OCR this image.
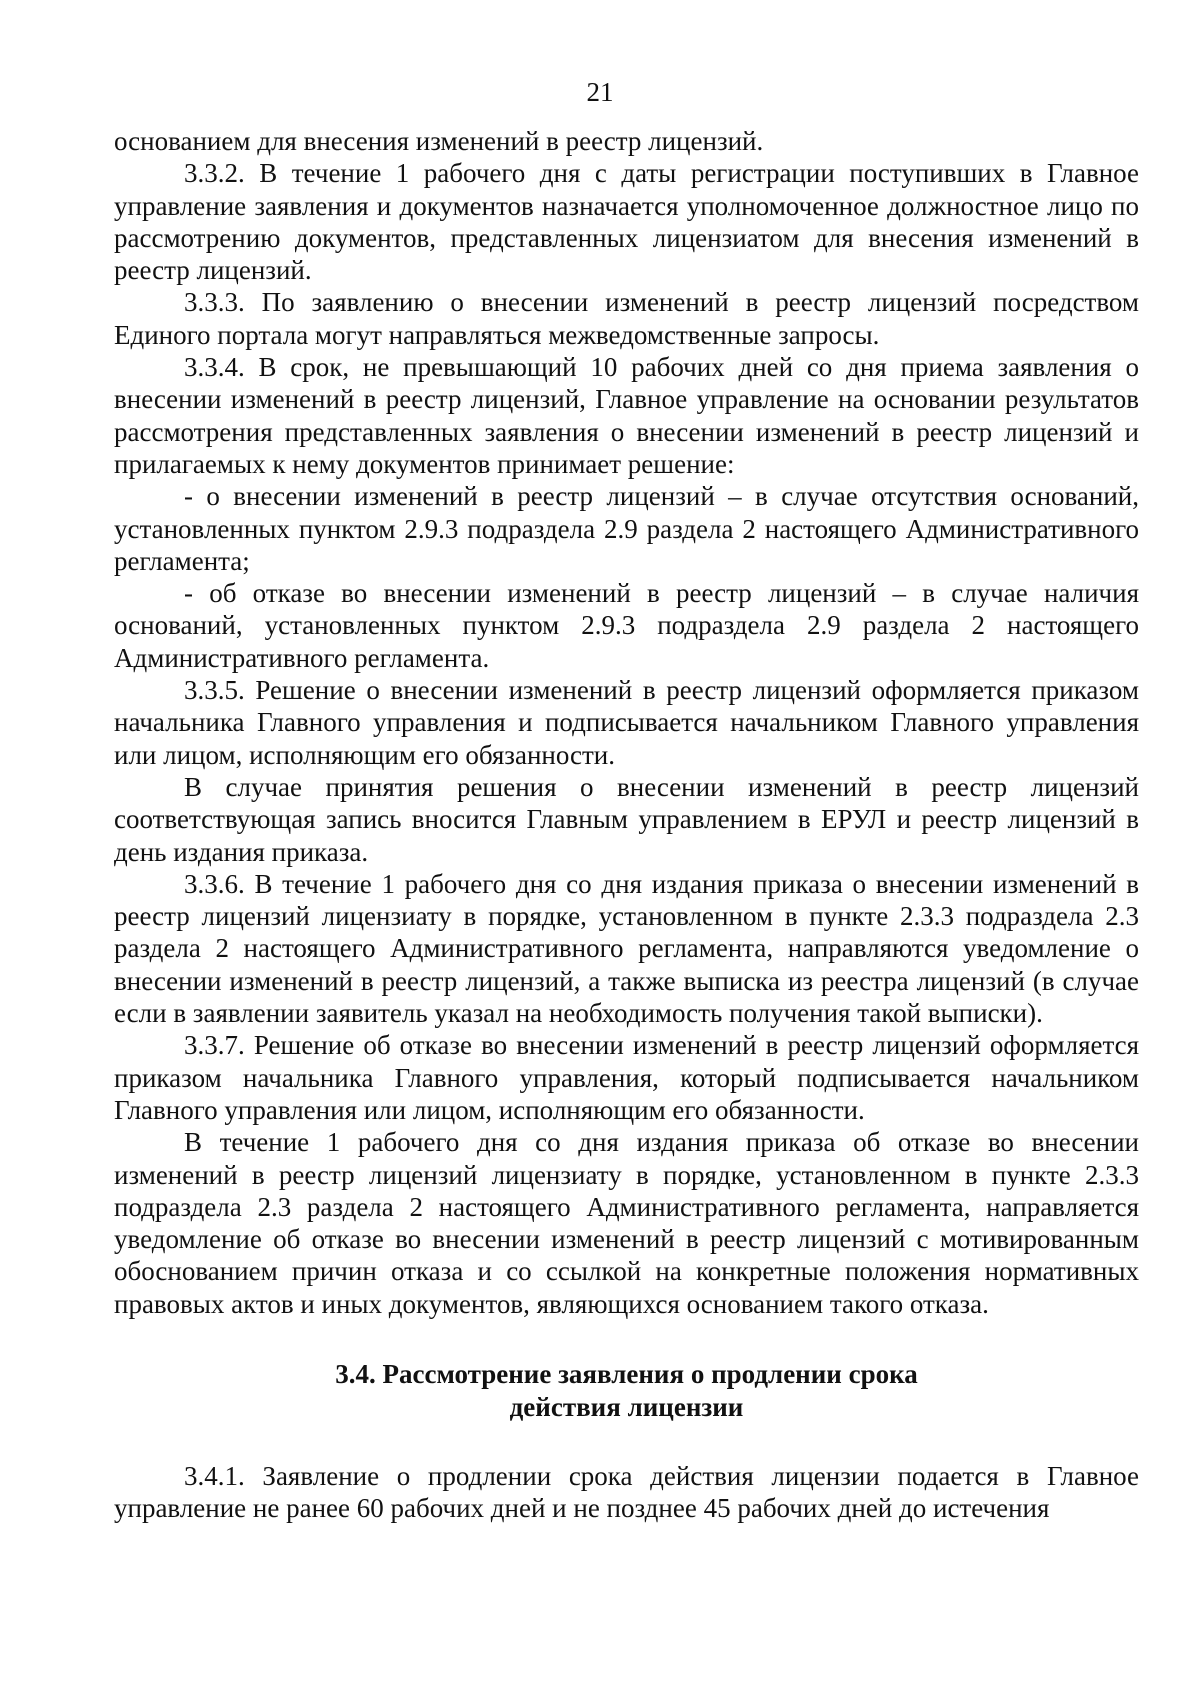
21

основанием для внесения изменений в реестр лицензий.

3.3.2. В течение 1 рабочего дня с даты регистрации поступивших в Главное управление заявления и документов назначается уполномоченное должностное лицо по рассмотрению документов, представленных лицензиатом для внесения изменений в реестр лицензий.

3.3.3. По заявлению о внесении изменений в реестр лицензий посредством Единого портала могут направляться межведомственные запросы.

3.3.4. В срок, не превышающий 10 рабочих дней со дня приема заявления о внесении изменений в реестр лицензий, Главное управление на основании результатов рассмотрения представленных заявления о внесении изменений в реестр лицензий и прилагаемых к нему документов принимает решение:

- о внесении изменений в реестр лицензий – в случае отсутствия оснований, установленных пунктом 2.9.3 подраздела 2.9 раздела 2 настоящего Административного регламента;

- об отказе во внесении изменений в реестр лицензий – в случае наличия оснований, установленных пунктом 2.9.3 подраздела 2.9 раздела 2 настоящего Административного регламента.

3.3.5. Решение о внесении изменений в реестр лицензий оформляется приказом начальника Главного управления и подписывается начальником Главного управления или лицом, исполняющим его обязанности.

В случае принятия решения о внесении изменений в реестр лицензий соответствующая запись вносится Главным управлением в ЕРУЛ и реестр лицензий в день издания приказа.

3.3.6. В течение 1 рабочего дня со дня издания приказа о внесении изменений в реестр лицензий лицензиату в порядке, установленном в пункте 2.3.3 подраздела 2.3 раздела 2 настоящего Административного регламента, направляются уведомление о внесении изменений в реестр лицензий, а также выписка из реестра лицензий (в случае если в заявлении заявитель указал на необходимость получения такой выписки).

3.3.7. Решение об отказе во внесении изменений в реестр лицензий оформляется приказом начальника Главного управления, который подписывается начальником Главного управления или лицом, исполняющим его обязанности.

В течение 1 рабочего дня со дня издания приказа об отказе во внесении изменений в реестр лицензий лицензиату в порядке, установленном в пункте 2.3.3 подраздела 2.3 раздела 2 настоящего Административного регламента, направляется уведомление об отказе во внесении изменений в реестр лицензий с мотивированным обоснованием причин отказа и со ссылкой на конкретные положения нормативных правовых актов и иных документов, являющихся основанием такого отказа.

3.4. Рассмотрение заявления о продлении срока
действия лицензии

3.4.1. Заявление о продлении срока действия лицензии подается в Главное управление не ранее 60 рабочих дней и не позднее 45 рабочих дней до истечения
